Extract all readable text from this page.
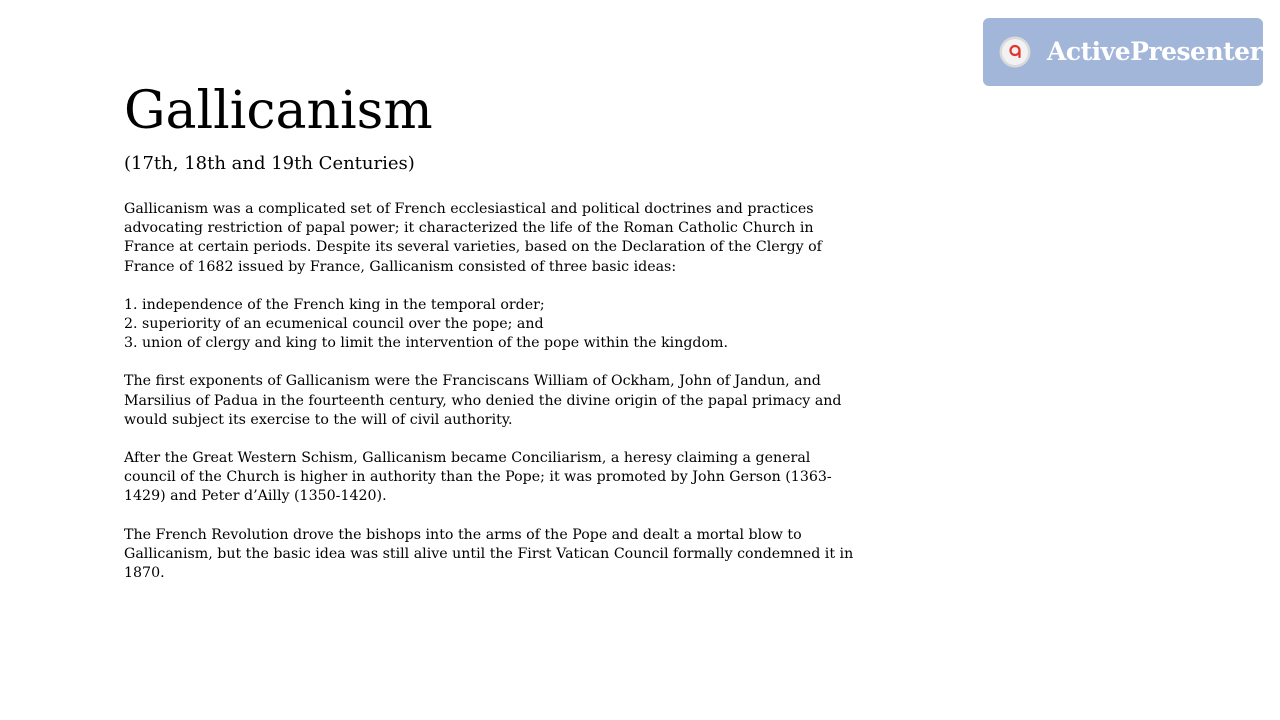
Gallicanism
(17th, 18th and 19th Centuries)

Gallicanism was a complicated set of French ecclesiastical and political doctrines and practices advocating restriction of papal power; it characterized the life of the Roman Catholic Church in France at certain periods. Despite its several varieties, based on the Declaration of the Clergy of France of 1682 issued by France, Gallicanism consisted of three basic ideas:

1. independence of the French king in the temporal order;
2. superiority of an ecumenical council over the pope; and
3. union of clergy and king to limit the intervention of the pope within the kingdom.

The first exponents of Gallicanism were the Franciscans William of Ockham, John of Jandun, and Marsilius of Padua in the fourteenth century, who denied the divine origin of the papal primacy and would subject its exercise to the will of civil authority.

After the Great Western Schism, Gallicanism became Conciliarism, a heresy claiming a general council of the Church is higher in authority than the Pope; it was promoted by John Gerson (1363-1429) and Peter d’Ailly (1350-1420).

The French Revolution drove the bishops into the arms of the Pope and dealt a mortal blow to Gallicanism, but the basic idea was still alive until the First Vatican Council formally condemned it in 1870.

ActivePresenter
